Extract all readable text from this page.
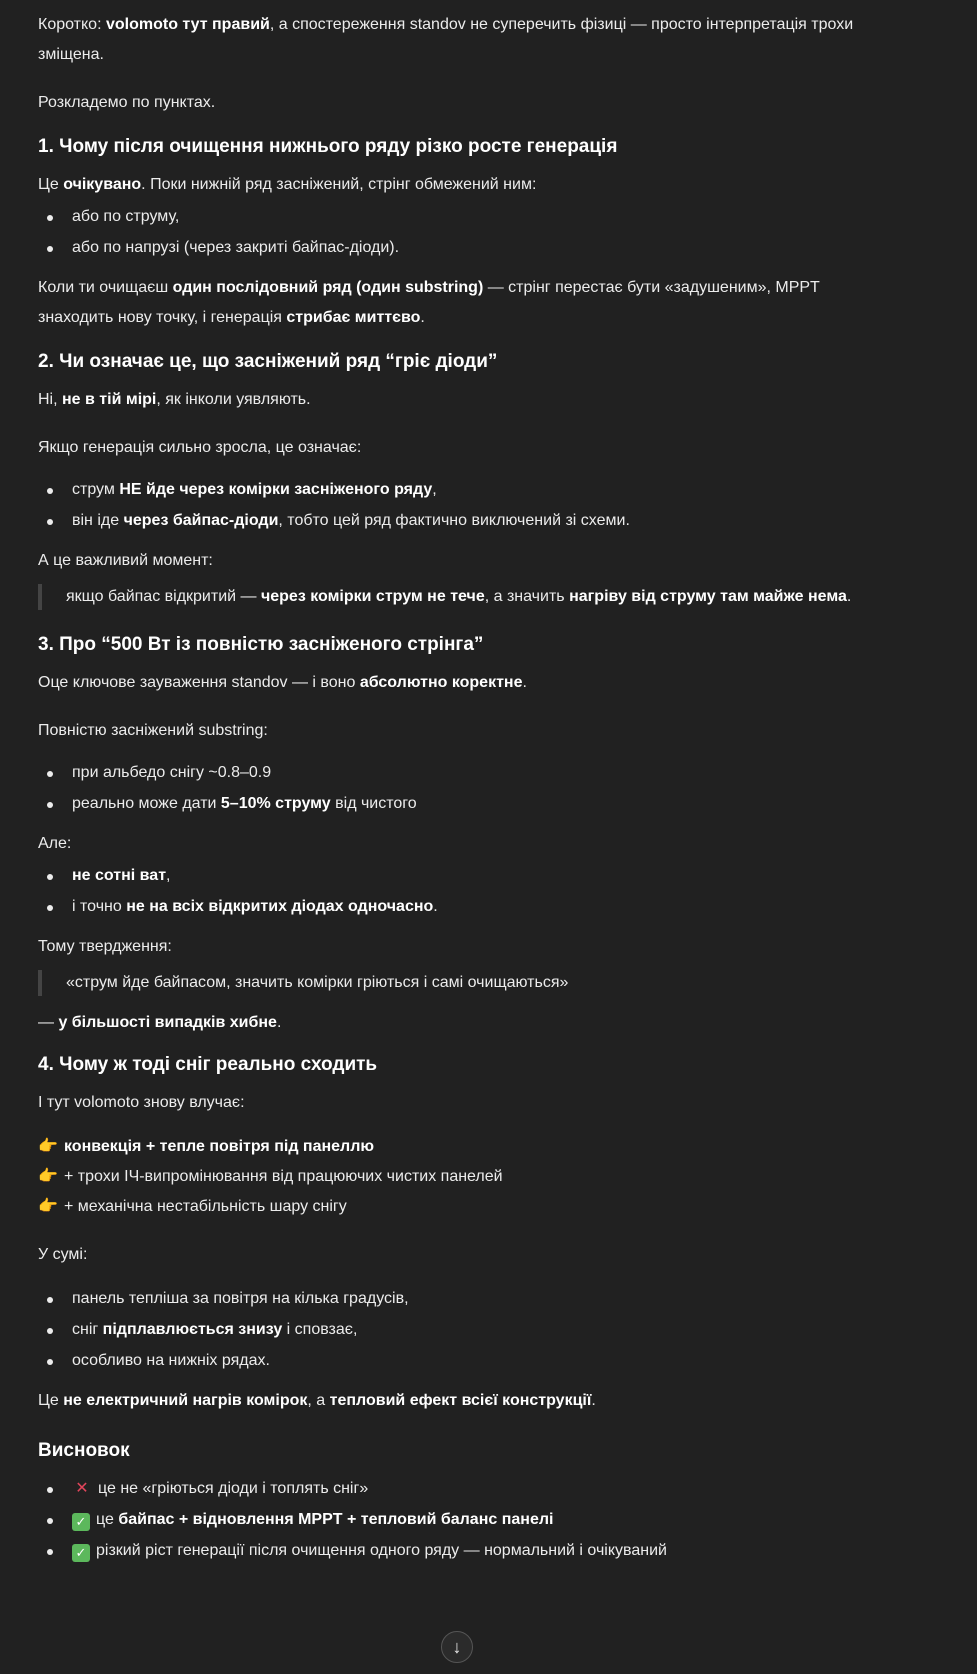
Коротко: volomoto тут правий, а спостереження standov не суперечить фізиці — просто інтерпретація трохи зміщена.

Розкладемо по пунктах.

1. Чому після очищення нижнього ряду різко росте генерація

Це очікувано. Поки нижній ряд засніжений, стрінг обмежений ним:

або по струму,
або по напрузі (через закриті байпас-діоди).

Коли ти очищаєш один послідовний ряд (один substring) — стрінг перестає бути «задушеним», MPPT знаходить нову точку, і генерація стрибає миттєво.

2. Чи означає це, що засніжений ряд “гріє діоди”

Ні, не в тій мірі, як інколи уявляють.

Якщо генерація сильно зросла, це означає:

струм НЕ йде через комірки засніженого ряду,
він іде через байпас-діоди, тобто цей ряд фактично виключений зі схеми.

А це важливий момент:

якщо байпас відкритий — через комірки струм не тече, а значить нагріву від струму там майже нема.

3. Про “500 Вт із повністю засніженого стрінга”

Оце ключове зауваження standov — і воно абсолютно коректне.

Повністю засніжений substring:

при альбедо снігу ~0.8–0.9
реально може дати 5–10% струму від чистого

Але:

не сотні ват,
і точно не на всіх відкритих діодах одночасно.

Тому твердження:

«струм йде байпасом, значить комірки гріються і самі очищаються»

— у більшості випадків хибне.

4. Чому ж тоді сніг реально сходить

І тут volomoto знову влучає:

👉 конвекція + тепле повітря під панеллю

👉 + трохи ІЧ-випромінювання від працюючих чистих панелей

👉 + механічна нестабільність шару снігу

У сумі:

панель тепліша за повітря на кілька градусів,
сніг підплавлюється знизу і сповзає,
особливо на нижніх рядах.

Це не електричний нагрів комірок, а тепловий ефект всієї конструкції.

Висновок
✕ це не «гріються діоди і топлять сніг»
✓ це байпас + відновлення MPPT + тепловий баланс панелі
✓ різкий ріст генерації після очищення одного ряду — нормальний і очікуваний
↓
